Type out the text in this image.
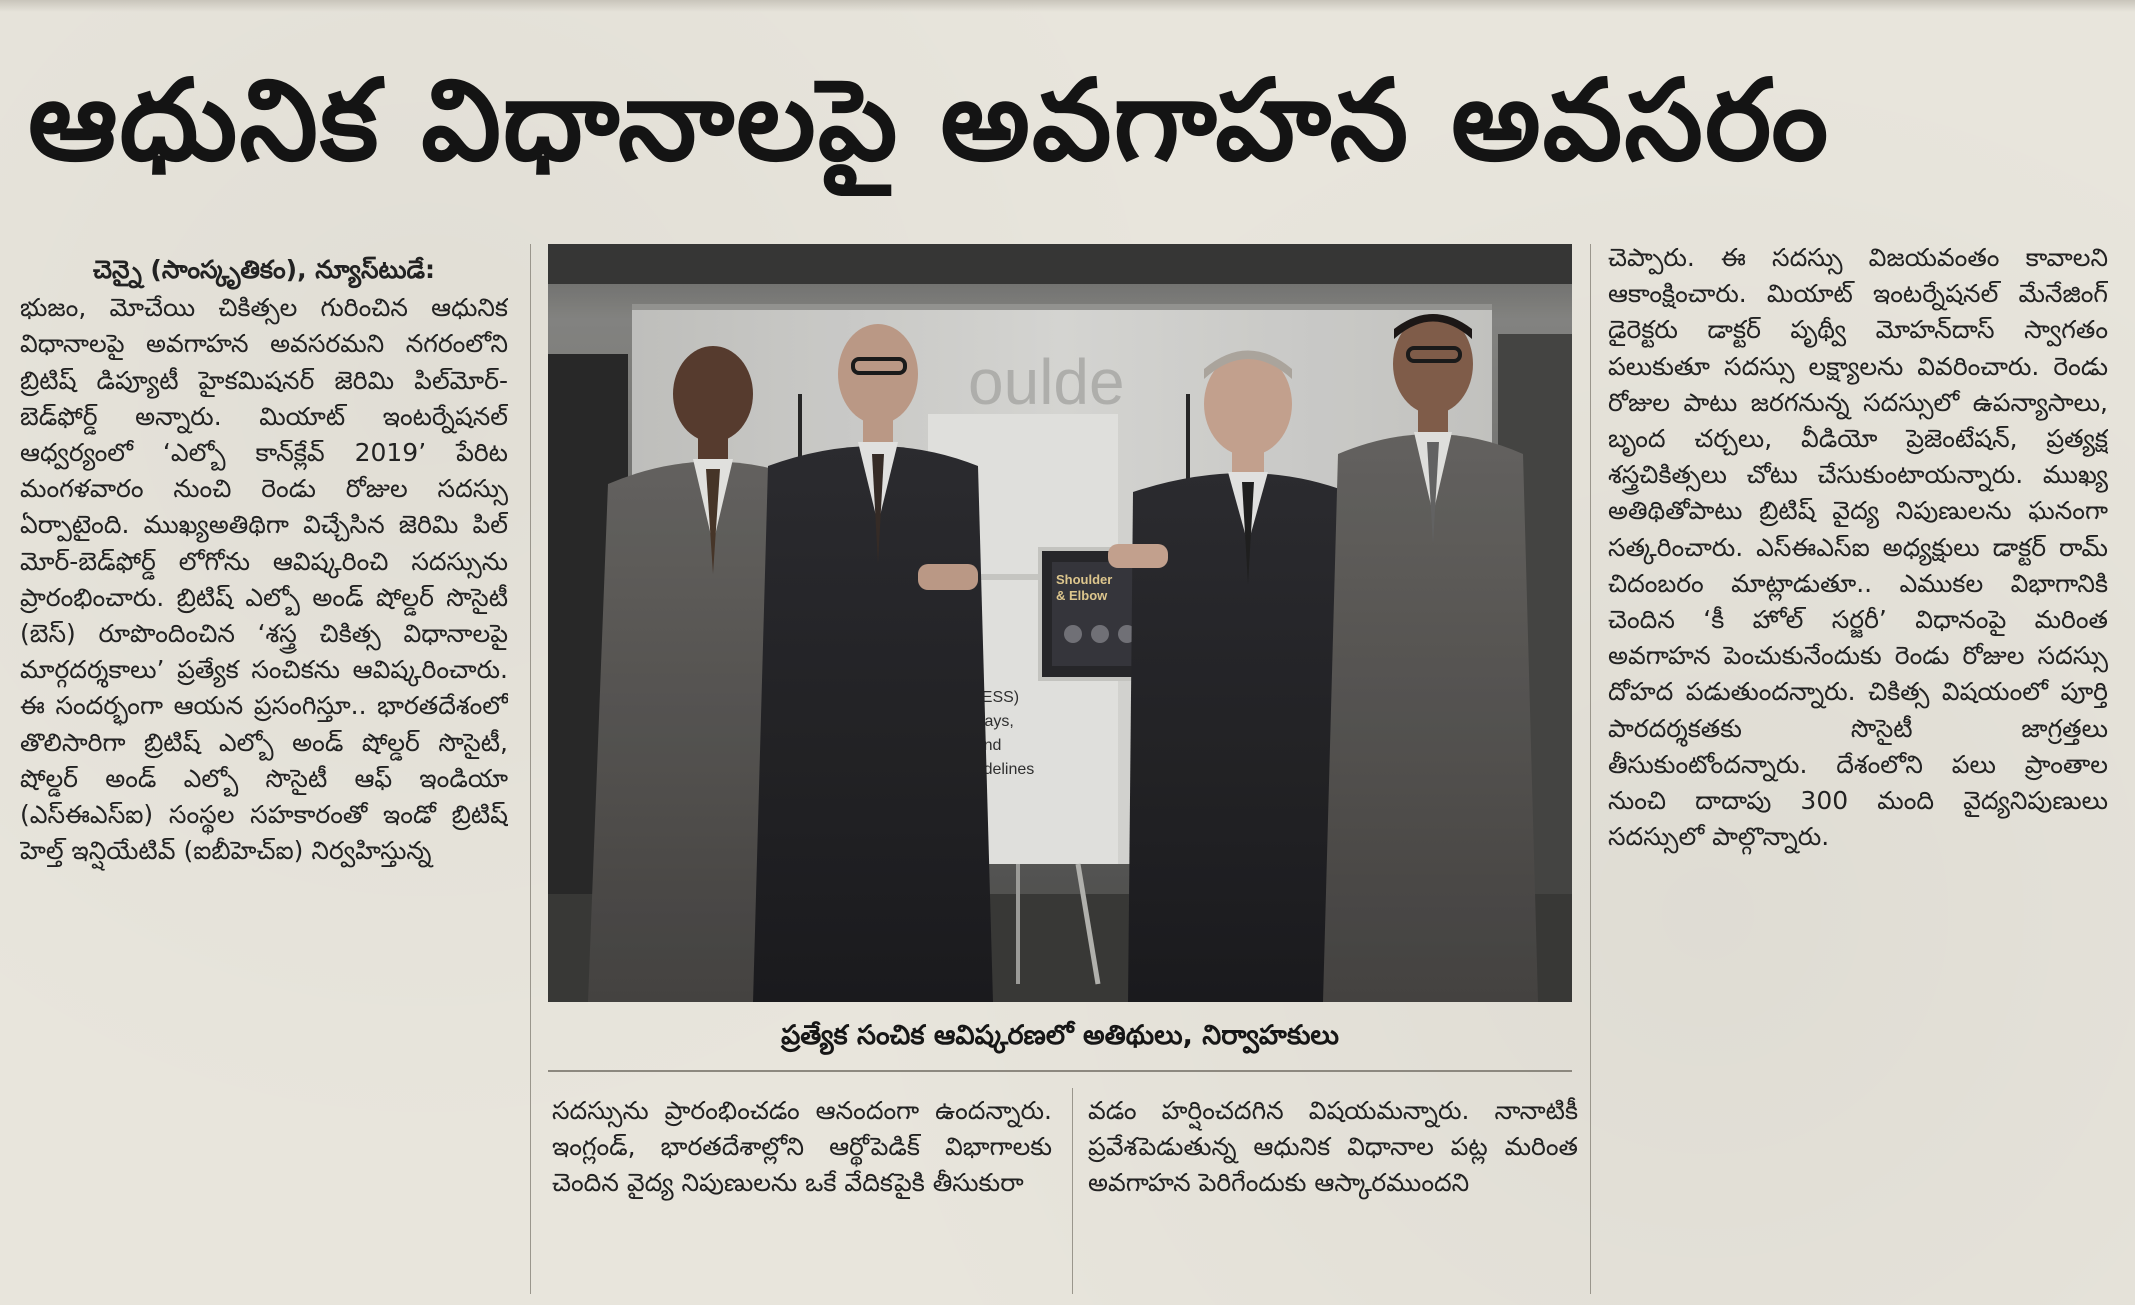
ఆధునిక విధానాలపై అవగాహన అవసరం
చెన్నై (సాంస్కృతికం), న్యూస్‌టుడే:
భుజం, మోచేయి చికిత్సల గురించిన ఆధునిక విధానాలపై అవగాహన అవసరమని నగరంలోని బ్రిటిష్ డిప్యూటీ హైకమిషనర్ జెరిమి పిల్‌మోర్-బెడ్‌ఫోర్డ్ అన్నారు. మియాట్ ఇంటర్నేషనల్ ఆధ్వర్యంలో ‘ఎల్బో కాన్‌క్లేవ్ 2019’ పేరిట మంగళవారం నుంచి రెండు రోజుల సదస్సు ఏర్పాటైంది. ముఖ్యఅతిథిగా విచ్చేసిన జెరిమి పిల్ మోర్-బెడ్‌ఫోర్డ్ లోగోను ఆవిష్కరించి సదస్సును ప్రారంభించారు. బ్రిటిష్ ఎల్బో అండ్ షోల్డర్ సొసైటీ (బెస్) రూపొందించిన ‘శస్త్ర చికిత్స విధానాలపై మార్గదర్శకాలు’ ప్రత్యేక సంచికను ఆవిష్కరించారు. ఈ సందర్భంగా ఆయన ప్రసంగిస్తూ.. భారతదేశంలో తొలిసారిగా బ్రిటిష్ ఎల్బో అండ్ షోల్డర్ సొసైటీ, షోల్డర్ అండ్ ఎల్బో సొసైటీ ఆఫ్ ఇండియా (ఎస్ఈఎస్ఐ) సంస్థల సహకారంతో ఇండో బ్రిటిష్ హెల్త్ ఇన్షియేటివ్ (ఐబీహెచ్ఐ) నిర్వహిస్తున్న
ప్రత్యేక సంచిక ఆవిష్కరణలో అతిథులు, నిర్వాహకులు
సదస్సును ప్రారంభించడం ఆనందంగా ఉందన్నారు. ఇంగ్లండ్, భారతదేశాల్లోని ఆర్థోపెడిక్ విభాగాలకు చెందిన వైద్య నిపుణులను ఒకే వేదికపైకి తీసుకురా
వడం హర్షించదగిన విషయమన్నారు. నానాటికీ ప్రవేశపెడుతున్న ఆధునిక విధానాల పట్ల మరింత అవగాహన పెరిగేందుకు ఆస్కారముందని
చెప్పారు. ఈ సదస్సు విజయవంతం కావాలని ఆకాంక్షించారు. మియాట్ ఇంటర్నేషనల్ మేనేజింగ్ డైరెక్టరు డాక్టర్ పృథ్వీ మోహన్‌దాస్ స్వాగతం పలుకుతూ సదస్సు లక్ష్యాలను వివరించారు. రెండు రోజుల పాటు జరగనున్న సదస్సులో ఉపన్యాసాలు, బృంద చర్చలు, వీడియో ప్రెజెంటేషన్, ప్రత్యక్ష శస్త్రచికిత్సలు చోటు చేసుకుంటాయన్నారు. ముఖ్య అతిథితోపాటు బ్రిటిష్ వైద్య నిపుణులను ఘనంగా సత్కరించారు. ఎస్ఈఎస్ఐ అధ్యక్షులు డాక్టర్ రామ్ చిదంబరం మాట్లాడుతూ.. ఎముకల విభాగానికి చెందిన ‘కీ హోల్ సర్జరీ’ విధానంపై మరింత అవగాహన పెంచుకునేందుకు రెండు రోజుల సదస్సు దోహద పడుతుందన్నారు. చికిత్స విషయంలో పూర్తి పారదర్శకతకు సొసైటీ జాగ్రత్తలు తీసుకుంటోందన్నారు. దేశంలోని పలు ప్రాంతాల నుంచి దాదాపు 300 మంది వైద్యనిపుణులు సదస్సులో పాల్గొన్నారు.
